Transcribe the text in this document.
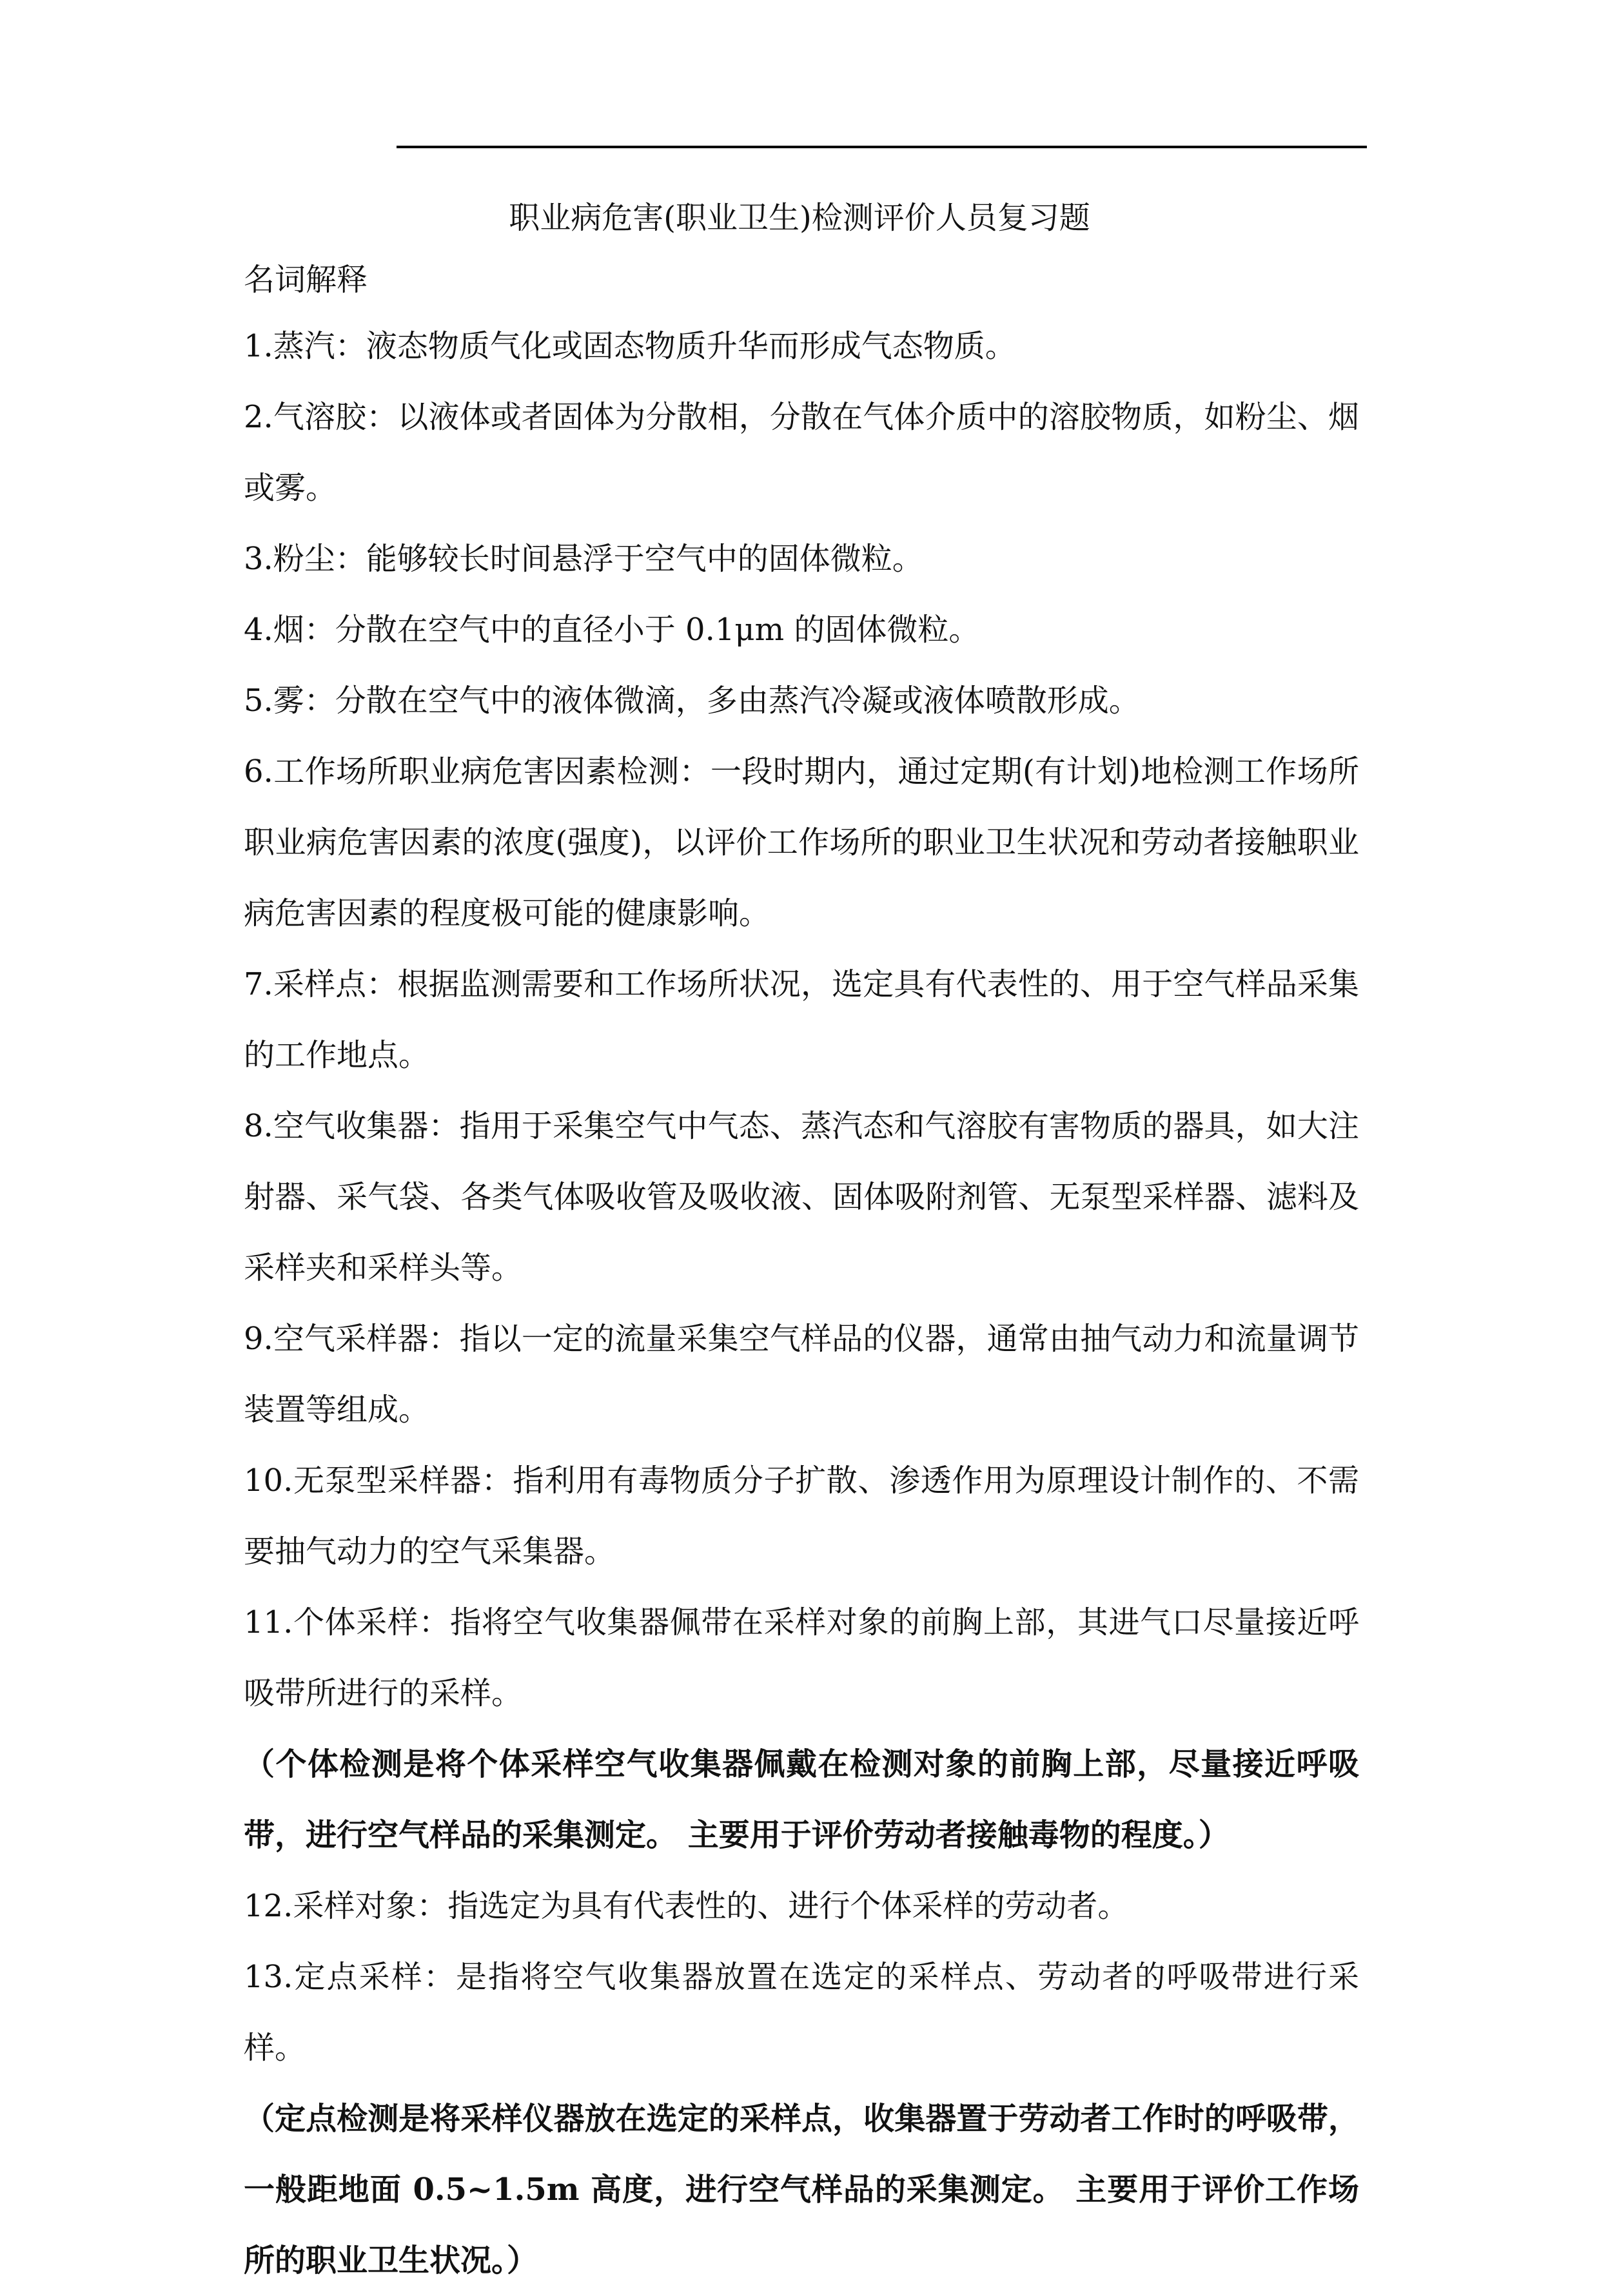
职业病危害(职业卫生)检测评价人员复习题

名词解释

1.蒸汽：液态物质气化或固态物质升华而形成气态物质。

2.气溶胶：以液体或者固体为分散相，分散在气体介质中的溶胶物质，如粉尘、烟或雾。

3.粉尘：能够较长时间悬浮于空气中的固体微粒。

4.烟：分散在空气中的直径小于 0.1μm 的固体微粒。

5.雾：分散在空气中的液体微滴，多由蒸汽冷凝或液体喷散形成。

6.工作场所职业病危害因素检测：一段时期内，通过定期(有计划)地检测工作场所职业病危害因素的浓度(强度)，以评价工作场所的职业卫生状况和劳动者接触职业病危害因素的程度极可能的健康影响。

7.采样点：根据监测需要和工作场所状况，选定具有代表性的、用于空气样品采集的工作地点。

8.空气收集器：指用于采集空气中气态、蒸汽态和气溶胶有害物质的器具，如大注射器、采气袋、各类气体吸收管及吸收液、固体吸附剂管、无泵型采样器、滤料及采样夹和采样头等。

9.空气采样器：指以一定的流量采集空气样品的仪器，通常由抽气动力和流量调节装置等组成。

10.无泵型采样器：指利用有毒物质分子扩散、渗透作用为原理设计制作的、不需要抽气动力的空气采集器。

11.个体采样：指将空气收集器佩带在采样对象的前胸上部，其进气口尽量接近呼吸带所进行的采样。

（个体检测是将个体采样空气收集器佩戴在检测对象的前胸上部，尽量接近呼吸带，进行空气样品的采集测定。 主要用于评价劳动者接触毒物的程度。）

12.采样对象：指选定为具有代表性的、进行个体采样的劳动者。

13.定点采样：是指将空气收集器放置在选定的采样点、劳动者的呼吸带进行采样。

（定点检测是将采样仪器放在选定的采样点，收集器置于劳动者工作时的呼吸带，一般距地面 0.5~1.5m 高度，进行空气样品的采集测定。 主要用于评价工作场所的职业卫生状况。）
